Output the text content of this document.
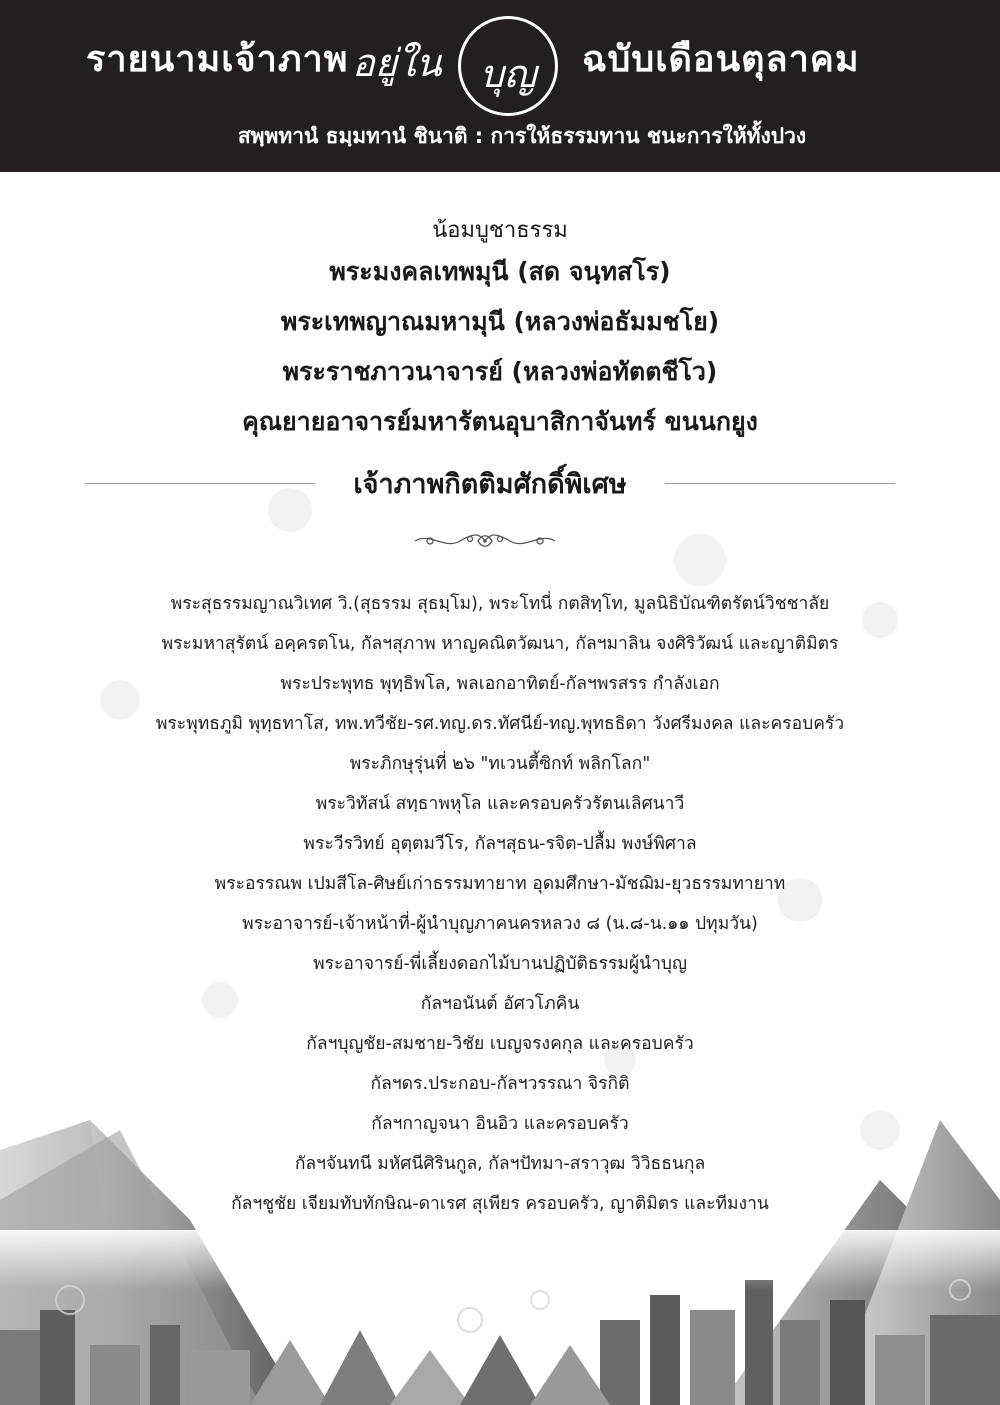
รายนามเจ้าภาพ อยู่ใน	บุญ	ฉบับเดือนตุลาคม
สพฺพทานํ ธมฺมทานํ ชินาติ : การให้ธรรมทาน ชนะการให้ทั้งปวง
น้อมบูชาธรรม
พระมงคลเทพมุนี (สด จนฺทสโร)
พระเทพญาณมหามุนี (หลวงพ่อธัมมชโย)
พระราชภาวนาจารย์ (หลวงพ่อทัตตชีโว)
คุณยายอาจารย์มหารัตนอุบาสิกาจันทร์ ขนนกยูง
เจ้าภาพกิตติมศักดิ์พิเศษ
พระสุธรรมญาณวิเทศ วิ.(สุธรรม สุธมฺโม), พระโทนี่ กตสิทฺโท, มูลนิธิบัณฑิตรัตน์วิชชาลัย
พระมหาสุรัตน์ อคฺครตโน, กัลฯสุภาพ หาญคณิตวัฒนา, กัลฯมาลิน จงศิริวัฒน์ และญาติมิตร
พระประพุทธ พุทฺธิพโล, พลเอกอาทิตย์-กัลฯพรสรร กำลังเอก
พระพุทธภูมิ พุทฺธทาโส, ทพ.ทวีชัย-รศ.ทญ.ดร.ทัศนีย์-ทญ.พุทธธิดา วังศรีมงคล และครอบครัว
พระภิกษุรุ่นที่ ๒๖ "ทเวนตี้ซิกท์ พลิกโลก"
พระวิทัสน์ สทฺธาพหุโล และครอบครัวรัตนเลิศนาวี
พระวีรวิทย์ อุตฺตมวีโร, กัลฯสุธน-รจิต-ปลื้ม พงษ์พิศาล
พระอรรณพ เปมสีโล-ศิษย์เก่าธรรมทายาท อุดมศึกษา-มัชฌิม-ยุวธรรมทายาท
พระอาจารย์-เจ้าหน้าที่-ผู้นำบุญภาคนครหลวง ๘ (น.๘-น.๑๑ ปทุมวัน)
พระอาจารย์-พี่เลี้ยงดอกไม้บานปฏิบัติธรรมผู้นำบุญ
กัลฯอนันต์ อัศวโภคิน
กัลฯบุญชัย-สมชาย-วิชัย เบญจรงคกุล และครอบครัว
กัลฯดร.ประกอบ-กัลฯวรรณา จิรกิติ
กัลฯกาญจนา อินอิว และครอบครัว
กัลฯจันทนี มหัศนีศิรินกูล, กัลฯปัทมา-สราวุฒ วิวิธธนกุล
กัลฯชูชัย เจียมทับทักษิณ-ดาเรศ สุเพียร ครอบครัว, ญาติมิตร และทีมงาน
